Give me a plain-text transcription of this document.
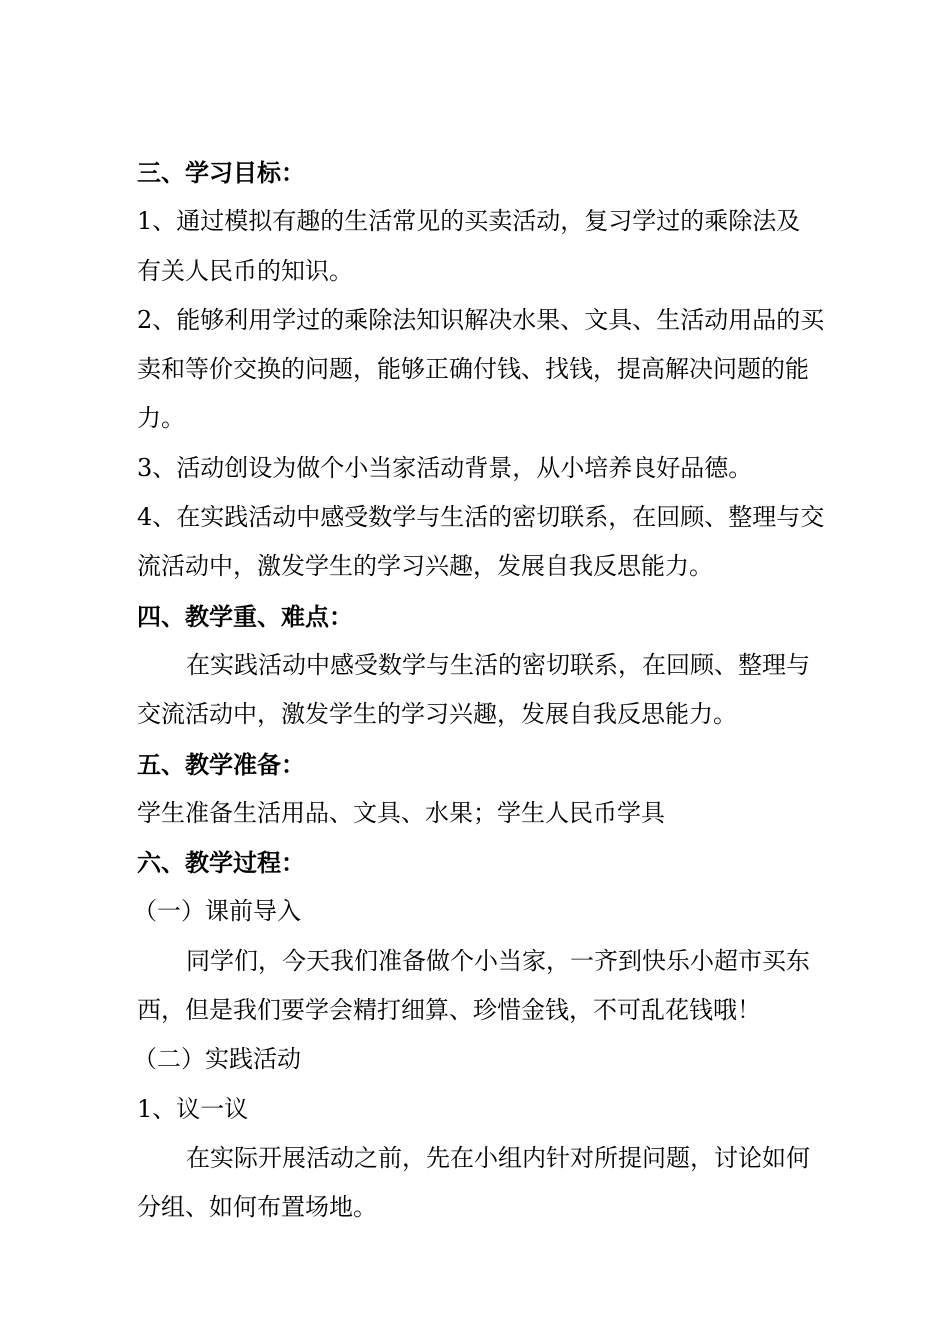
三、学习目标：
1、通过模拟有趣的生活常见的买卖活动，复习学过的乘除法及
有关人民币的知识。
2、能够利用学过的乘除法知识解决水果、文具、生活动用品的买
卖和等价交换的问题，能够正确付钱、找钱，提高解决问题的能
力。
3、活动创设为做个小当家活动背景，从小培养良好品德。
4、在实践活动中感受数学与生活的密切联系，在回顾、整理与交
流活动中，激发学生的学习兴趣，发展自我反思能力。
四、教学重、难点：
在实践活动中感受数学与生活的密切联系，在回顾、整理与
交流活动中，激发学生的学习兴趣，发展自我反思能力。
五、教学准备：
学生准备生活用品、文具、水果；学生人民币学具
六、教学过程：
（一）课前导入
同学们，今天我们准备做个小当家，一齐到快乐小超市买东
西，但是我们要学会精打细算、珍惜金钱，不可乱花钱哦！
（二）实践活动
1、议一议
在实际开展活动之前，先在小组内针对所提问题，讨论如何
分组、如何布置场地。
